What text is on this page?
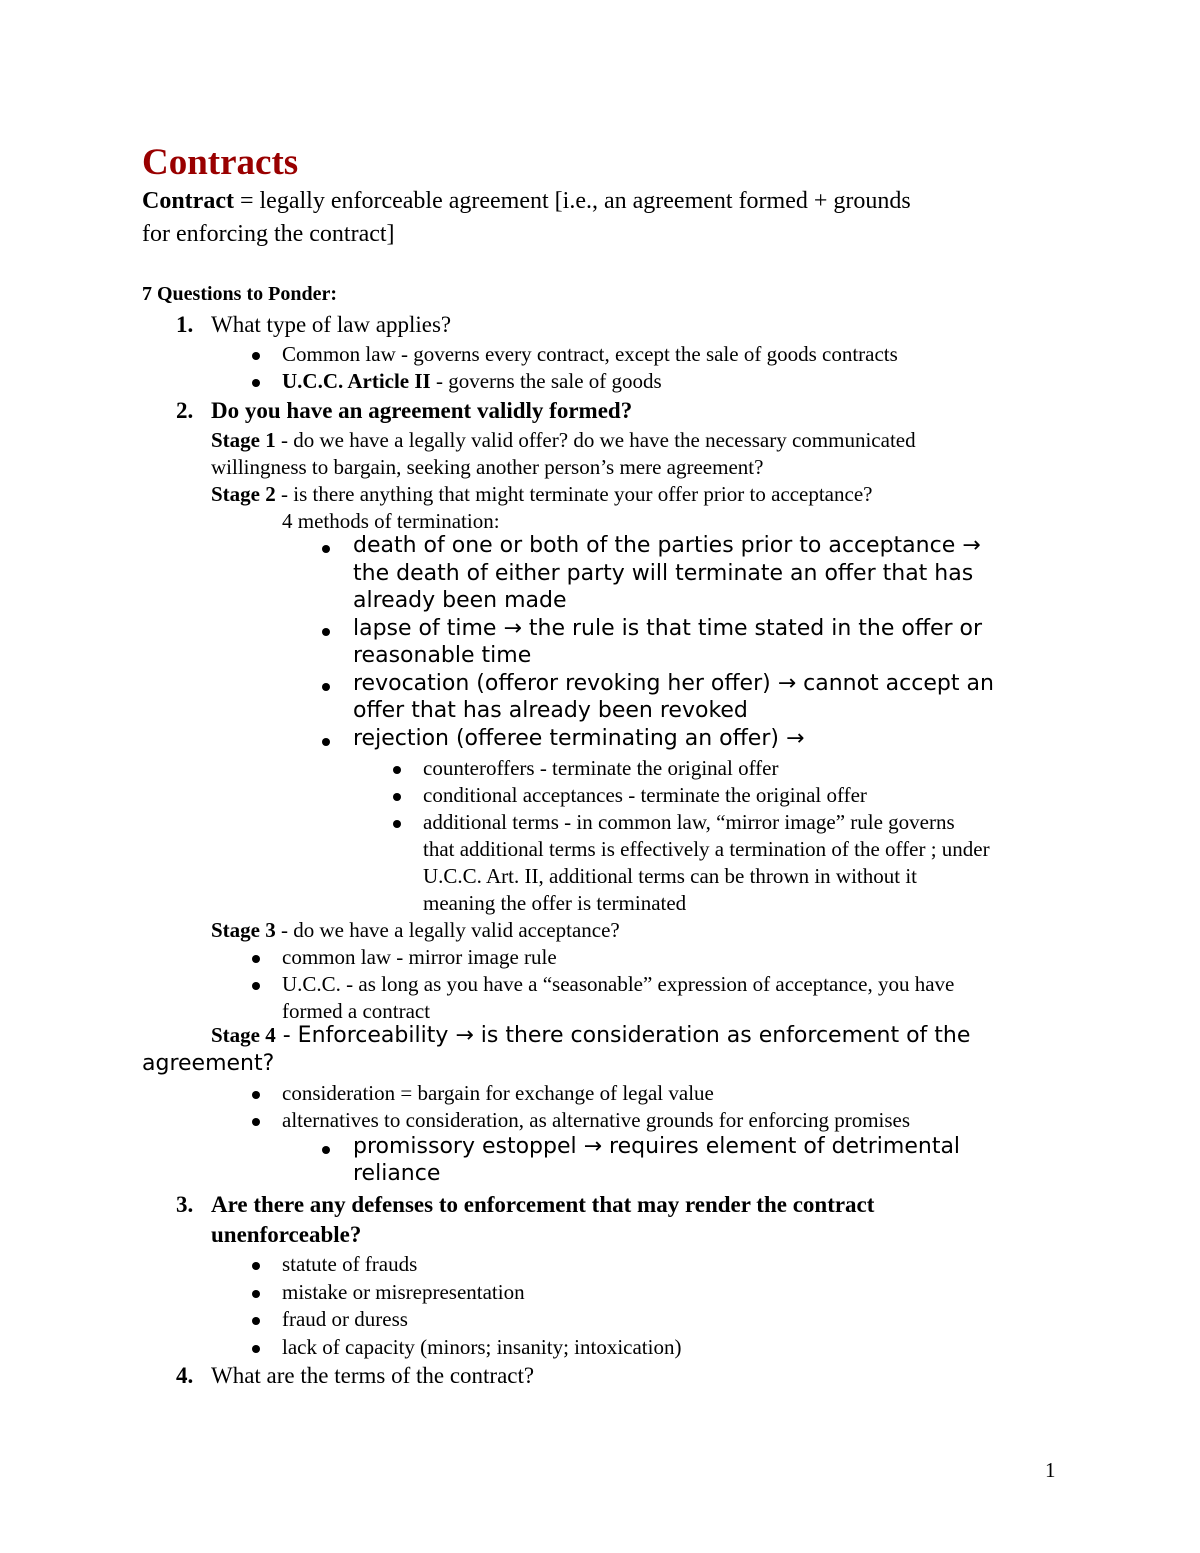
Contracts
Contract = legally enforceable agreement [i.e., an agreement formed + grounds
for enforcing the contract]
7 Questions to Ponder:
1. What type of law applies?
Common law - governs every contract, except the sale of goods contracts
U.C.C. Article II - governs the sale of goods
2. Do you have an agreement validly formed?
Stage 1 - do we have a legally valid offer? do we have the necessary communicated
willingness to bargain, seeking another person’s mere agreement?
Stage 2 - is there anything that might terminate your offer prior to acceptance?
4 methods of termination:
death of one or both of the parties prior to acceptance →
the death of either party will terminate an offer that has
already been made
lapse of time → the rule is that time stated in the offer or
reasonable time
revocation (offeror revoking her offer) → cannot accept an
offer that has already been revoked
rejection (offeree terminating an offer) →
counteroffers - terminate the original offer
conditional acceptances - terminate the original offer
additional terms - in common law, “mirror image” rule governs
that additional terms is effectively a termination of the offer ; under
U.C.C. Art. II, additional terms can be thrown in without it
meaning the offer is terminated
Stage 3 - do we have a legally valid acceptance?
common law - mirror image rule
U.C.C. - as long as you have a “seasonable” expression of acceptance, you have
formed a contract
Stage 4 - Enforceability → is there consideration as enforcement of the
agreement?
consideration = bargain for exchange of legal value
alternatives to consideration, as alternative grounds for enforcing promises
promissory estoppel → requires element of detrimental
reliance
3. Are there any defenses to enforcement that may render the contract
unenforceable?
statute of frauds
mistake or misrepresentation
fraud or duress
lack of capacity (minors; insanity; intoxication)
4. What are the terms of the contract?
1
